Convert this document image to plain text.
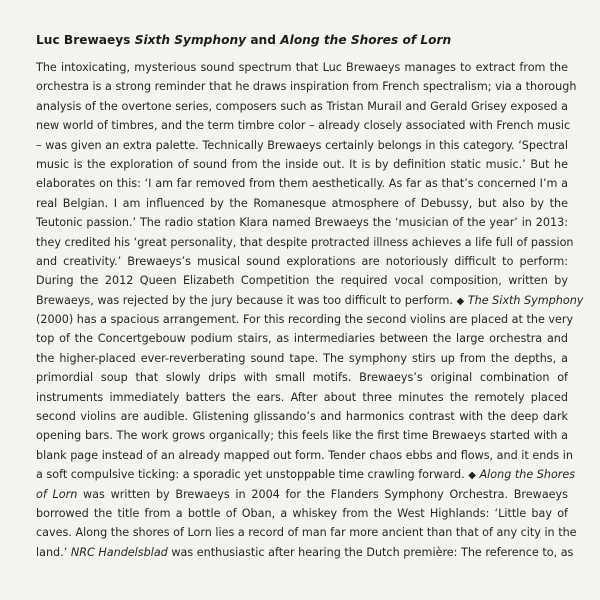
Luc Brewaeys Sixth Symphony and Along the Shores of Lorn
The intoxicating, mysterious sound spectrum that Luc Brewaeys manages to extract from the
orchestra is a strong reminder that he draws inspiration from French spectralism; via a thorough
analysis of the overtone series, composers such as Tristan Murail and Gerald Grisey exposed a
new world of timbres, and the term timbre color – already closely associated with French music
– was given an extra palette. Technically Brewaeys certainly belongs in this category. ‘Spectral
music is the exploration of sound from the inside out. It is by definition static music.’ But he
elaborates on this: ‘I am far removed from them aesthetically. As far as that’s concerned I’m a
real Belgian. I am influenced by the Romanesque atmosphere of Debussy, but also by the
Teutonic passion.’ The radio station Klara named Brewaeys the ‘musician of the year’ in 2013:
they credited his ‘great personality, that despite protracted illness achieves a life full of passion
and creativity.’ Brewaeys’s musical sound explorations are notoriously difficult to perform:
During the 2012 Queen Elizabeth Competition the required vocal composition, written by
Brewaeys, was rejected by the jury because it was too difficult to perform. ◆ The Sixth Symphony
(2000) has a spacious arrangement. For this recording the second violins are placed at the very
top of the Concertgebouw podium stairs, as intermediaries between the large orchestra and
the higher-placed ever-reverberating sound tape. The symphony stirs up from the depths, a
primordial soup that slowly drips with small motifs. Brewaeys’s original combination of
instruments immediately batters the ears. After about three minutes the remotely placed
second violins are audible. Glistening glissando’s and harmonics contrast with the deep dark
opening bars. The work grows organically; this feels like the first time Brewaeys started with a
blank page instead of an already mapped out form. Tender chaos ebbs and flows, and it ends in
a soft compulsive ticking: a sporadic yet unstoppable time crawling forward. ◆ Along the Shores
of Lorn was written by Brewaeys in 2004 for the Flanders Symphony Orchestra. Brewaeys
borrowed the title from a bottle of Oban, a whiskey from the West Highlands: ‘Little bay of
caves. Along the shores of Lorn lies a record of man far more ancient than that of any city in the
land.’ NRC Handelsblad was enthusiastic after hearing the Dutch première: The reference to, as
